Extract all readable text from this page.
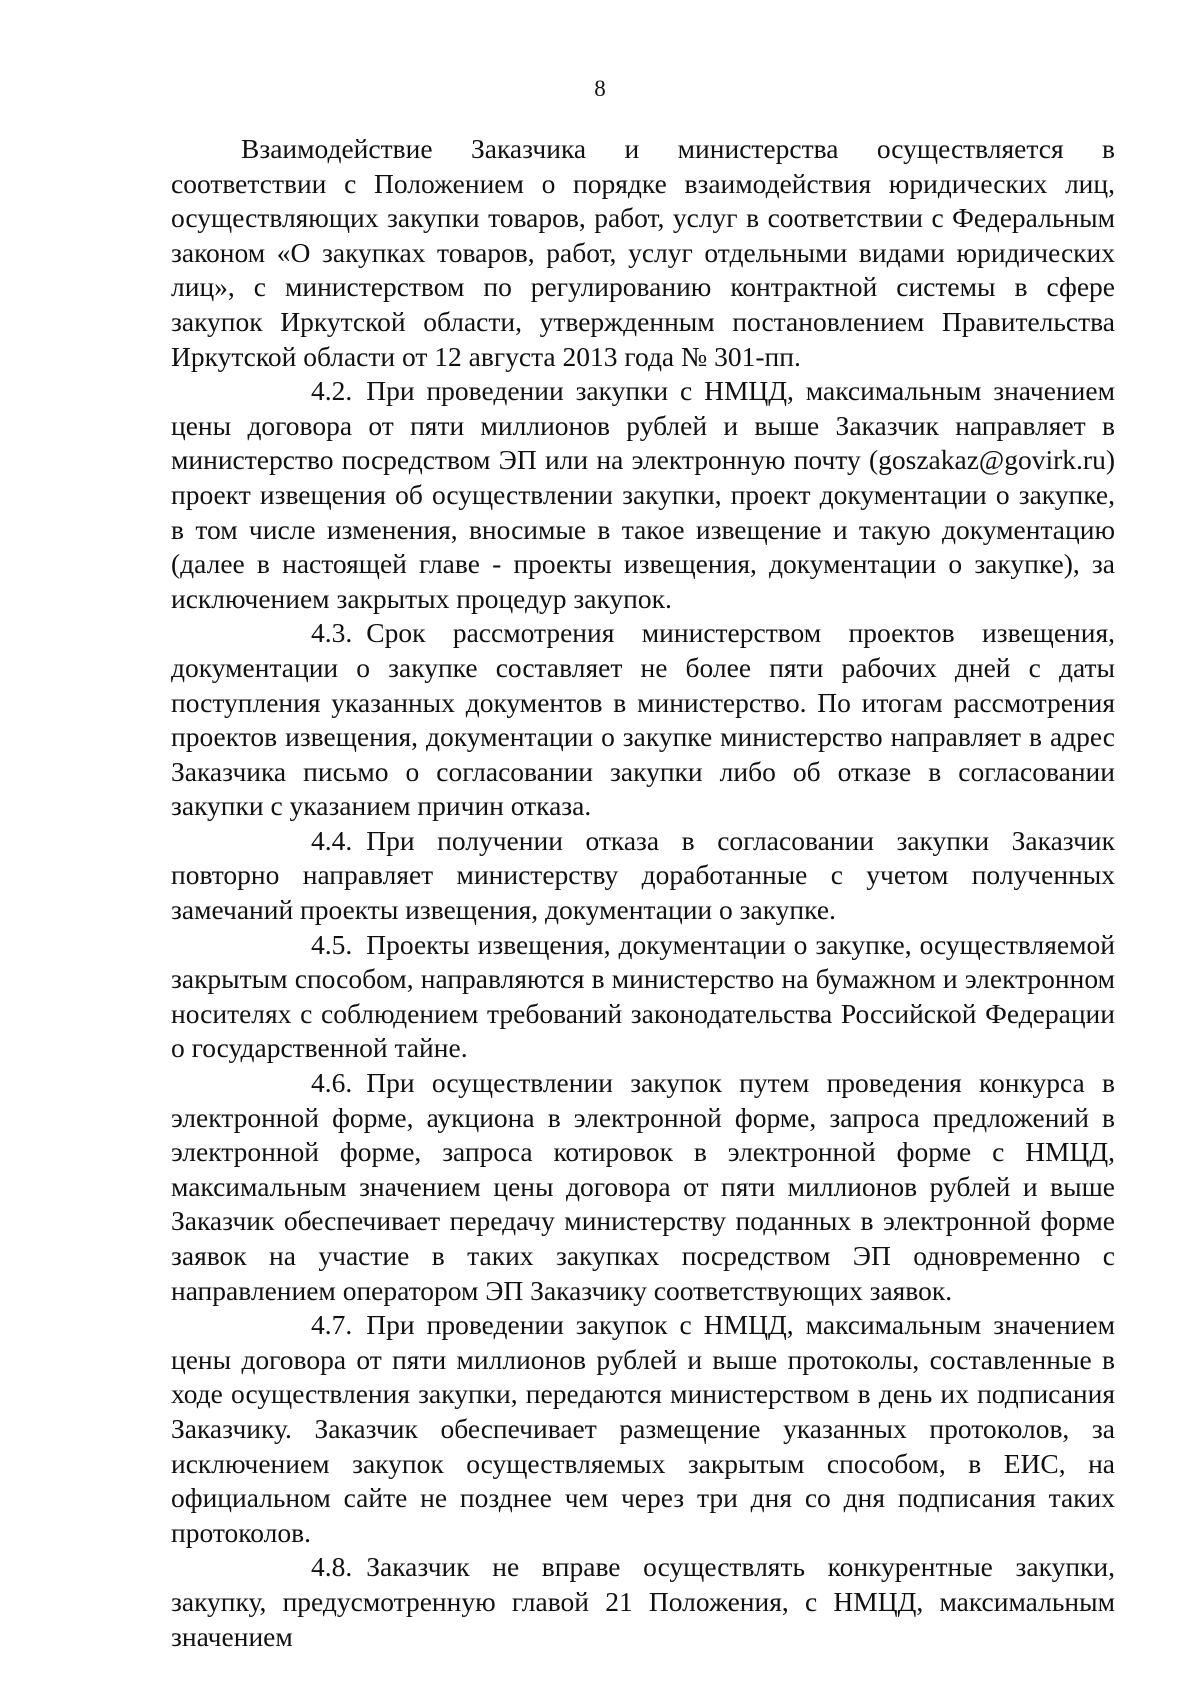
8

Взаимодействие Заказчика и министерства осуществляется в соответствии с Положением о порядке взаимодействия юридических лиц, осуществляющих закупки товаров, работ, услуг в соответствии с Федеральным законом «О закупках товаров, работ, услуг отдельными видами юридических лиц», с министерством по регулированию контрактной системы в сфере закупок Иркутской области, утвержденным постановлением Правительства Иркутской области от 12 августа 2013 года № 301-пп.

4.2. При проведении закупки с НМЦД, максимальным значением цены договора от пяти миллионов рублей и выше Заказчик направляет в министерство посредством ЭП или на электронную почту (goszakaz@govirk.ru) проект извещения об осуществлении закупки, проект документации о закупке, в том числе изменения, вносимые в такое извещение и такую документацию (далее в настоящей главе - проекты извещения, документации о закупке), за исключением закрытых процедур закупок.

4.3. Срок рассмотрения министерством проектов извещения, документации о закупке составляет не более пяти рабочих дней с даты поступления указанных документов в министерство. По итогам рассмотрения проектов извещения, документации о закупке министерство направляет в адрес Заказчика письмо о согласовании закупки либо об отказе в согласовании закупки с указанием причин отказа.

4.4. При получении отказа в согласовании закупки Заказчик повторно направляет министерству доработанные с учетом полученных замечаний проекты извещения, документации о закупке.

4.5. Проекты извещения, документации о закупке, осуществляемой закрытым способом, направляются в министерство на бумажном и электронном носителях с соблюдением требований законодательства Российской Федерации о государственной тайне.

4.6. При осуществлении закупок путем проведения конкурса в электронной форме, аукциона в электронной форме, запроса предложений в электронной форме, запроса котировок в электронной форме с НМЦД, максимальным значением цены договора от пяти миллионов рублей и выше Заказчик обеспечивает передачу министерству поданных в электронной форме заявок на участие в таких закупках посредством ЭП одновременно с направлением оператором ЭП Заказчику соответствующих заявок.

4.7. При проведении закупок с НМЦД, максимальным значением цены договора от пяти миллионов рублей и выше протоколы, составленные в ходе осуществления закупки, передаются министерством в день их подписания Заказчику. Заказчик обеспечивает размещение указанных протоколов, за исключением закупок осуществляемых закрытым способом, в ЕИС, на официальном сайте не позднее чем через три дня со дня подписания таких протоколов.

4.8. Заказчик не вправе осуществлять конкурентные закупки, закупку, предусмотренную главой 21 Положения, с НМЦД, максимальным значением
